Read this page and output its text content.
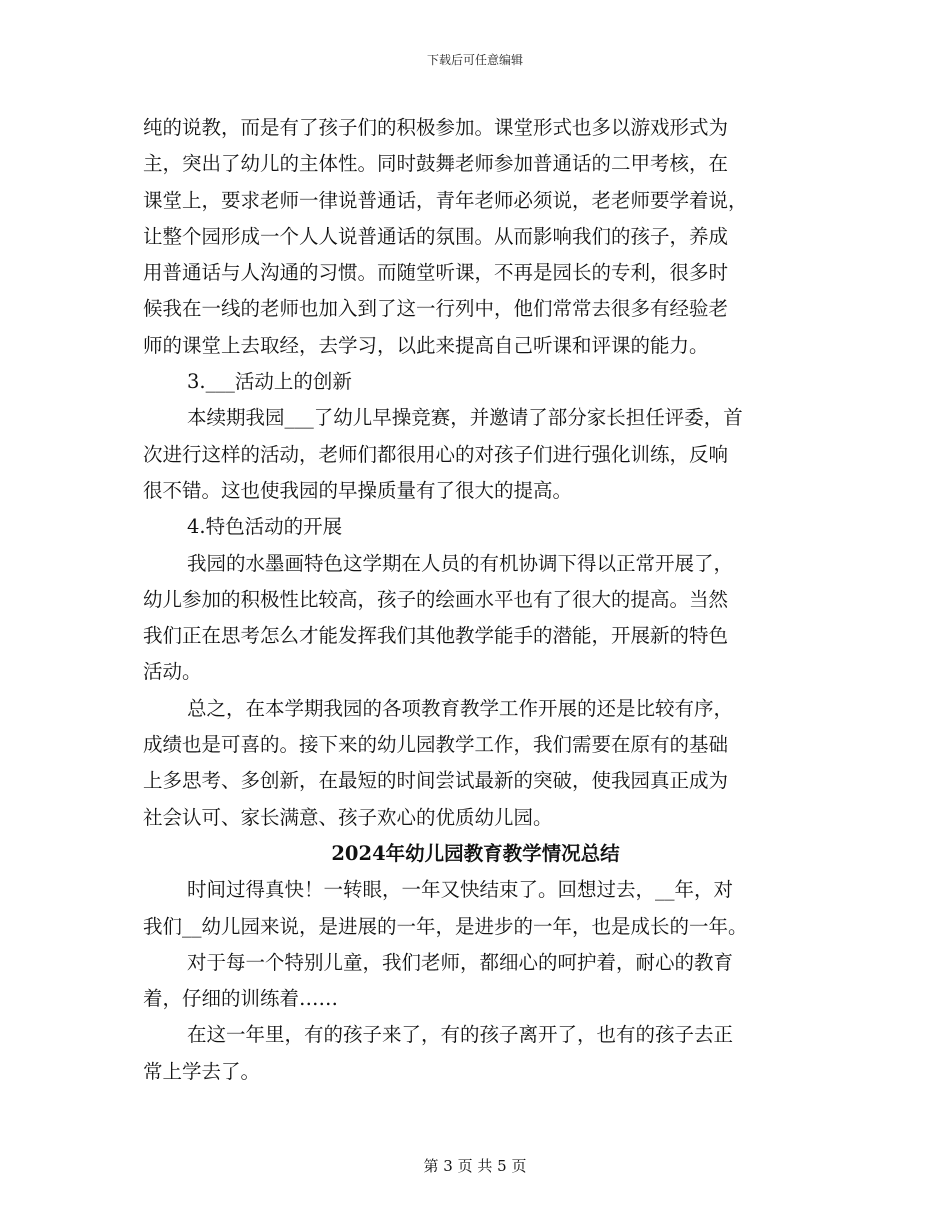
下载后可任意编辑
纯的说教，而是有了孩子们的积极参加。课堂形式也多以游戏形式为
主，突出了幼儿的主体性。同时鼓舞老师参加普通话的二甲考核，在
课堂上，要求老师一律说普通话，青年老师必须说，老老师要学着说，
让整个园形成一个人人说普通话的氛围。从而影响我们的孩子，养成
用普通话与人沟通的习惯。而随堂听课，不再是园长的专利，很多时
候我在一线的老师也加入到了这一行列中，他们常常去很多有经验老
师的课堂上去取经，去学习，以此来提高自己听课和评课的能力。
3.___活动上的创新
本续期我园___了幼儿早操竞赛，并邀请了部分家长担任评委，首
次进行这样的活动，老师们都很用心的对孩子们进行强化训练，反响
很不错。这也使我园的早操质量有了很大的提高。
4.特色活动的开展
我园的水墨画特色这学期在人员的有机协调下得以正常开展了，
幼儿参加的积极性比较高，孩子的绘画水平也有了很大的提高。当然
我们正在思考怎么才能发挥我们其他教学能手的潜能，开展新的特色
活动。
总之，在本学期我园的各项教育教学工作开展的还是比较有序，
成绩也是可喜的。接下来的幼儿园教学工作，我们需要在原有的基础
上多思考、多创新，在最短的时间尝试最新的突破，使我园真正成为
社会认可、家长满意、孩子欢心的优质幼儿园。
2024年幼儿园教育教学情况总结
时间过得真快！一转眼，一年又快结束了。回想过去，__年，对
我们__幼儿园来说，是进展的一年，是进步的一年，也是成长的一年。
对于每一个特别儿童，我们老师，都细心的呵护着，耐心的教育
着，仔细的训练着……
在这一年里，有的孩子来了，有的孩子离开了，也有的孩子去正
常上学去了。
第 3 页 共 5 页
